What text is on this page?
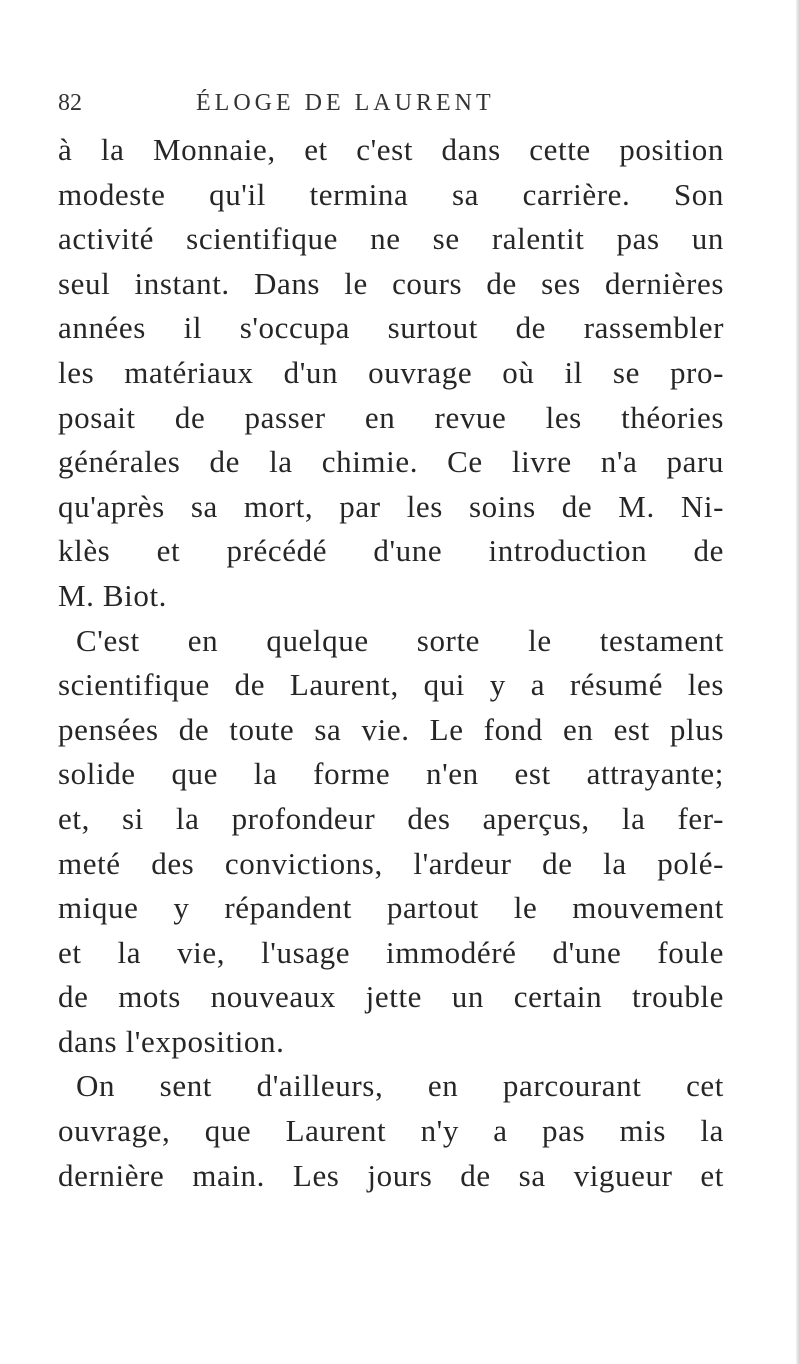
82	ÉLOGE DE LAURENT
à la Monnaie, et c'est dans cette position
modeste qu'il termina sa carrière. Son
activité scientifique ne se ralentit pas un
seul instant. Dans le cours de ses dernières
années il s'occupa surtout de rassembler
les matériaux d'un ouvrage où il se pro-
posait de passer en revue les théories
générales de la chimie. Ce livre n'a paru
qu'après sa mort, par les soins de M. Ni-
klès et précédé d'une introduction de
M. Biot.
C'est en quelque sorte le testament
scientifique de Laurent, qui y a résumé les
pensées de toute sa vie. Le fond en est plus
solide que la forme n'en est attrayante;
et, si la profondeur des aperçus, la fer-
meté des convictions, l'ardeur de la polé-
mique y répandent partout le mouvement
et la vie, l'usage immodéré d'une foule
de mots nouveaux jette un certain trouble
dans l'exposition.
On sent d'ailleurs, en parcourant cet
ouvrage, que Laurent n'y a pas mis la
dernière main. Les jours de sa vigueur et
